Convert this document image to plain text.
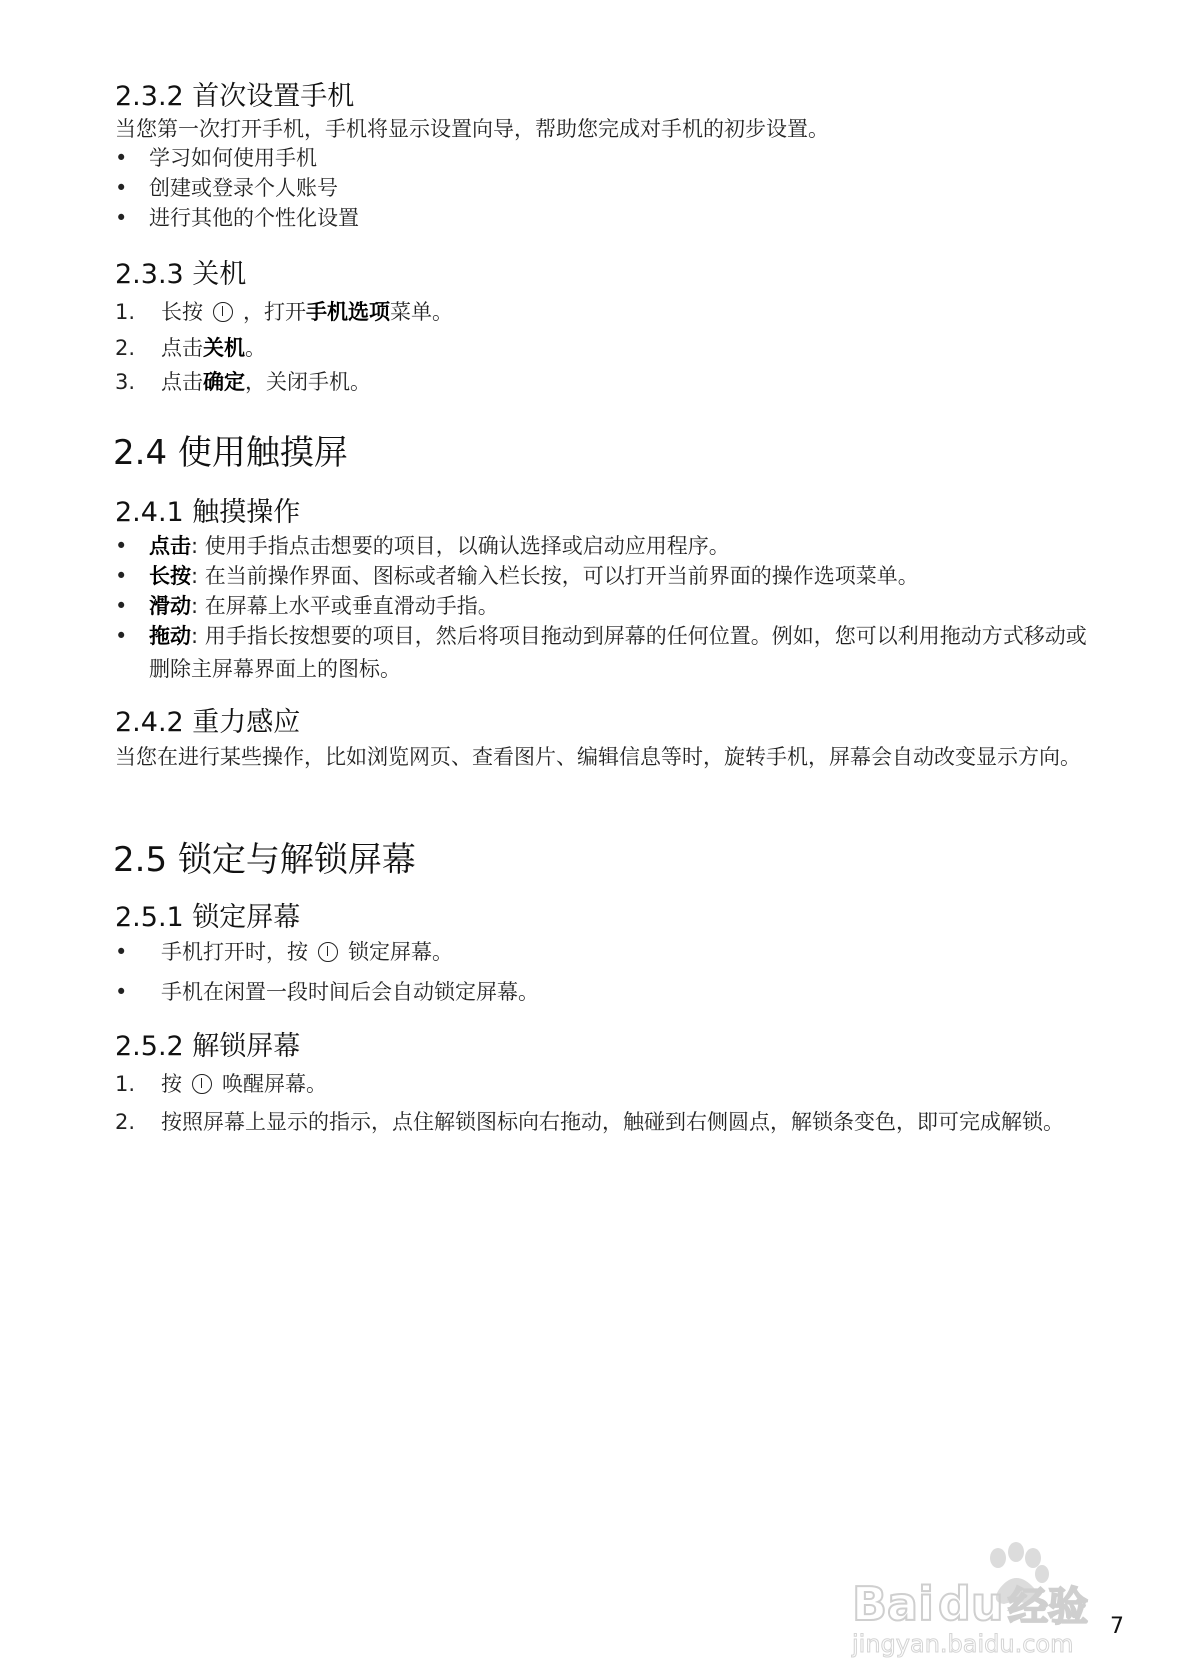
2.3.2 首次设置手机
当您第一次打开手机，手机将显示设置向导，帮助您完成对手机的初步设置。
• 学习如何使用手机
• 创建或登录个人账号
• 进行其他的个性化设置
2.3.3 关机
1. 长按 ，打开手机选项菜单。
2. 点击关机。
3. 点击确定，关闭手机。
2.4 使用触摸屏
2.4.1 触摸操作
• 点击: 使用手指点击想要的项目，以确认选择或启动应用程序。
• 长按: 在当前操作界面、图标或者输入栏长按，可以打开当前界面的操作选项菜单。
• 滑动: 在屏幕上水平或垂直滑动手指。
• 拖动: 用手指长按想要的项目，然后将项目拖动到屏幕的任何位置。例如，您可以利用拖动方式移动或删除主屏幕界面上的图标。
2.4.2 重力感应
当您在进行某些操作，比如浏览网页、查看图片、编辑信息等时，旋转手机，屏幕会自动改变显示方向。
2.5 锁定与解锁屏幕
2.5.1 锁定屏幕
• 手机打开时，按 锁定屏幕。
• 手机在闲置一段时间后会自动锁定屏幕。
2.5.2 解锁屏幕
1. 按 唤醒屏幕。
2. 按照屏幕上显示的指示，点住解锁图标向右拖动，触碰到右侧圆点，解锁条变色，即可完成解锁。
Bai du 经验
jingyan.baidu.com
7
